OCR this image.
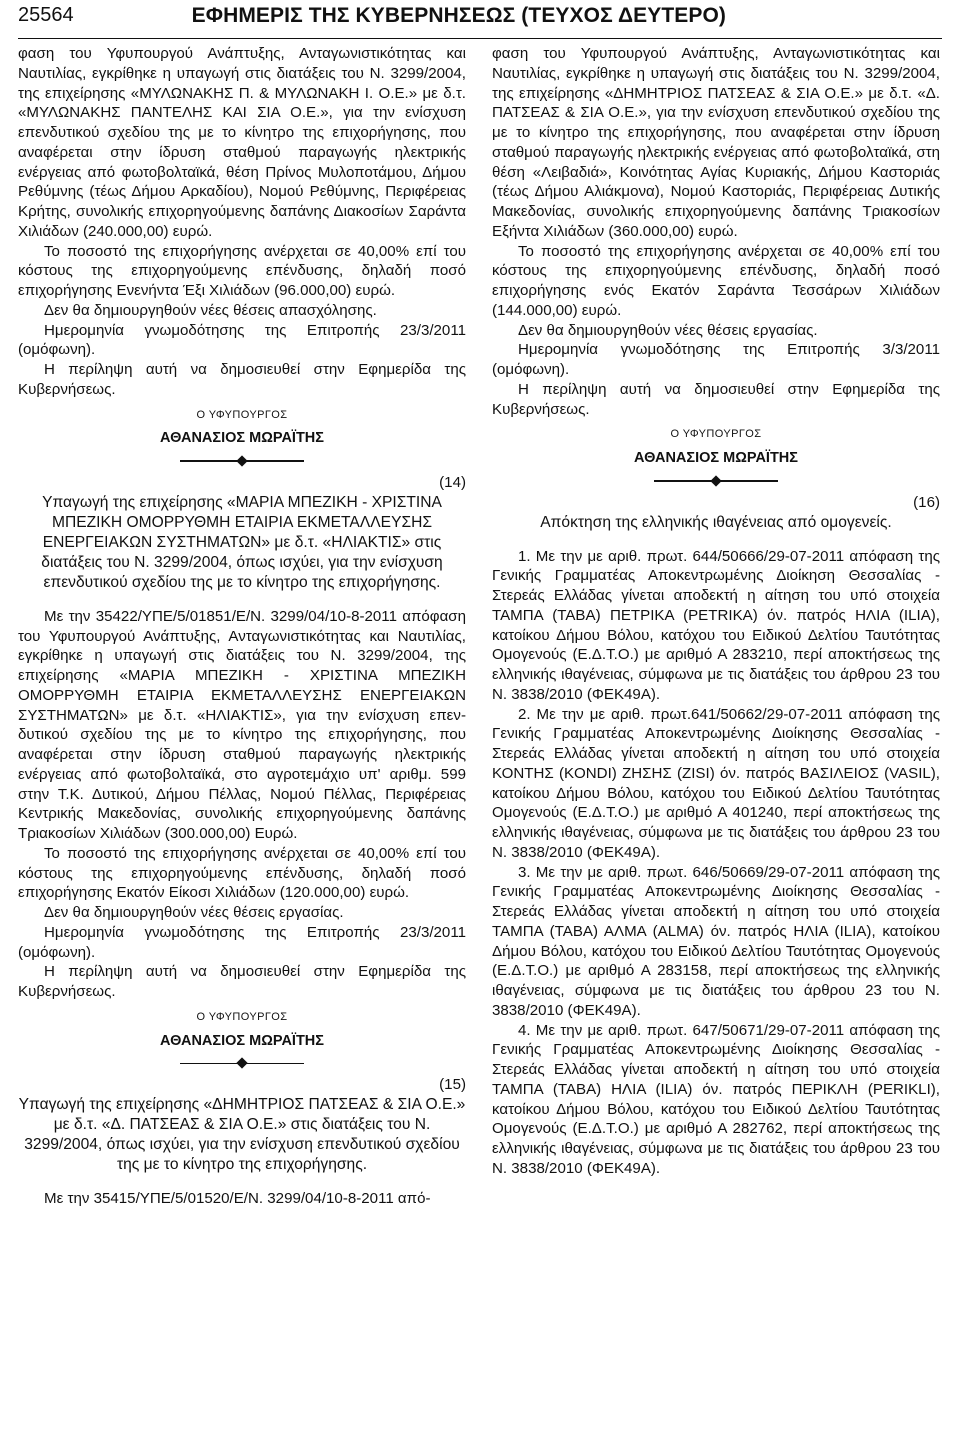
25564	ΕΦΗΜΕΡΙΣ ΤΗΣ ΚΥΒΕΡΝΗΣΕΩΣ (ΤΕΥΧΟΣ ΔΕΥΤΕΡΟ)

φαση του Υφυπουργού Ανάπτυξης, Ανταγωνιστικότητας και Ναυτιλίας, εγκρίθηκε η υπαγωγή στις διατάξεις του Ν. 3299/2004, της επιχείρησης «ΜΥΛΩΝΑΚΗΣ Π. & ΜΥΛΩΝΑΚΗ Ι. Ο.Ε.» με δ.τ. «ΜΥΛΩΝΑΚΗΣ ΠΑΝΤΕΛΗΣ ΚΑΙ ΣΙΑ Ο.Ε.», για την ενίσχυση επενδυτικού σχεδίου της με το κίνητρο της επιχορήγησης, που αναφέρεται στην ίδρυση σταθμού παραγωγής ηλεκτρικής ενέργειας από φωτοβολταϊκά, θέση Πρίνος Μυλοποτάμου, Δήμου Ρεθύμνης (τέως Δήμου Αρκαδίου), Νομού Ρεθύμνης, Περιφέρειας Κρήτης, συνολικής επιχορηγούμενης δαπάνης Διακοσίων Σαράντα Χιλιάδων (240.000,00) ευρώ.

Το ποσοστό της επιχορήγησης ανέρχεται σε 40,00% επί του κόστους της επιχορηγούμενης επένδυσης, δηλαδή ποσό επιχορήγησης Ενενήντα Έξι Χιλιάδων (96.000,00) ευρώ.

Δεν θα δημιουργηθούν νέες θέσεις απασχόλησης.

Ημερομηνία γνωμοδότησης της Επιτροπής 23/3/2011 (ομόφωνη).

Η περίληψη αυτή να δημοσιευθεί στην Εφημερίδα της Κυβερνήσεως.

Ο ΥΦΥΠΟΥΡΓΟΣ
ΑΘΑΝΑΣΙΟΣ ΜΩΡΑΪΤΗΣ

(14)

Υπαγωγή της επιχείρησης «ΜΑΡΙΑ ΜΠΕΖΙΚΗ - ΧΡΙΣΤΙΝΑ ΜΠΕΖΙΚΗ ΟΜΟΡΡΥΘΜΗ ΕΤΑΙΡΙΑ ΕΚΜΕΤΑΛΛΕΥΣΗΣ ΕΝΕΡΓΕΙΑΚΩΝ ΣΥΣΤΗΜΑΤΩΝ» με δ.τ. «ΗΛΙΑΚΤΙΣ» στις διατάξεις του Ν. 3299/2004, όπως ισχύει, για την ενίσχυση επενδυτικού σχεδίου της με το κίνητρο της επιχορήγησης.

Με την 35422/ΥΠΕ/5/01851/Ε/Ν. 3299/04/10-8-2011 απόφαση του Υφυπουργού Ανάπτυξης, Ανταγωνιστικότητας και Ναυτιλίας, εγκρίθηκε η υπαγωγή στις διατάξεις του Ν. 3299/2004, της επιχείρησης «ΜΑΡΙΑ ΜΠΕΖΙΚΗ - ΧΡΙΣΤΙΝΑ ΜΠΕΖΙΚΗ ΟΜΟΡΡΥΘΜΗ ΕΤΑΙΡΙΑ ΕΚΜΕΤΑΛΛΕΥΣΗΣ ΕΝΕΡΓΕΙΑΚΩΝ ΣΥΣΤΗΜΑΤΩΝ» με δ.τ. «ΗΛΙΑΚΤΙΣ», για την ενίσχυση επενδυτικού σχεδίου της με το κίνητρο της επιχορήγησης, που αναφέρεται στην ίδρυση σταθμού παραγωγής ηλεκτρικής ενέργειας από φωτοβολταϊκά, στο αγροτεμάχιο υπ' αριθμ. 599 στην Τ.Κ. Δυτικού, Δήμου Πέλλας, Νομού Πέλλας, Περιφέρειας Κεντρικής Μακεδονίας, συνολικής επιχορηγούμενης δαπάνης Τριακοσίων Χιλιάδων (300.000,00) Ευρώ.

Το ποσοστό της επιχορήγησης ανέρχεται σε 40,00% επί του κόστους της επιχορηγούμενης επένδυσης, δηλαδή ποσό επιχορήγησης Εκατόν Είκοσι Χιλιάδων (120.000,00) ευρώ.

Δεν θα δημιουργηθούν νέες θέσεις εργασίας.

Ημερομηνία γνωμοδότησης της Επιτροπής 23/3/2011 (ομόφωνη).

Η περίληψη αυτή να δημοσιευθεί στην Εφημερίδα της Κυβερνήσεως.

Ο ΥΦΥΠΟΥΡΓΟΣ
ΑΘΑΝΑΣΙΟΣ ΜΩΡΑΪΤΗΣ

(15)

Υπαγωγή της επιχείρησης «ΔΗΜΗΤΡΙΟΣ ΠΑΤΣΕΑΣ & ΣΙΑ Ο.Ε.» με δ.τ. «Δ. ΠΑΤΣΕΑΣ & ΣΙΑ Ο.Ε.» στις διατάξεις του Ν. 3299/2004, όπως ισχύει, για την ενίσχυση επενδυτικού σχεδίου της με το κίνητρο της επιχορήγησης.

Με την 35415/ΥΠΕ/5/01520/Ε/Ν. 3299/04/10-8-2011 από-

φαση του Υφυπουργού Ανάπτυξης, Ανταγωνιστικότητας και Ναυτιλίας, εγκρίθηκε η υπαγωγή στις διατάξεις του Ν. 3299/2004, της επιχείρησης «ΔΗΜΗΤΡΙΟΣ ΠΑΤΣΕΑΣ & ΣΙΑ Ο.Ε.» με δ.τ. «Δ. ΠΑΤΣΕΑΣ & ΣΙΑ Ο.Ε.», για την ενίσχυση επενδυτικού σχεδίου της με το κίνητρο της επιχορήγησης, που αναφέρεται στην ίδρυση σταθμού παραγωγής ηλεκτρικής ενέργειας από φωτοβολταϊκά, στη θέση «Λειβαδιά», Κοινότητας Αγίας Κυριακής, Δήμου Καστοριάς (τέως Δήμου Αλιάκμονα), Νομού Καστοριάς, Περιφέρειας Δυτικής Μακεδονίας, συνολικής επιχορηγούμενης δαπάνης Τριακοσίων Εξήντα Χιλιάδων (360.000,00) ευρώ.

Το ποσοστό της επιχορήγησης ανέρχεται σε 40,00% επί του κόστους της επιχορηγούμενης επένδυσης, δηλαδή ποσό επιχορήγησης ενός Εκατόν Σαράντα Τεσσάρων Χιλιάδων (144.000,00) ευρώ.

Δεν θα δημιουργηθούν νέες θέσεις εργασίας.

Ημερομηνία γνωμοδότησης της Επιτροπής 3/3/2011 (ομόφωνη).

Η περίληψη αυτή να δημοσιευθεί στην Εφημερίδα της Κυβερνήσεως.

Ο ΥΦΥΠΟΥΡΓΟΣ
ΑΘΑΝΑΣΙΟΣ ΜΩΡΑΪΤΗΣ

(16)

Απόκτηση της ελληνικής ιθαγένειας από ομογενείς.

1. Με την με αριθ. πρωτ. 644/50666/29-07-2011 απόφαση της Γενικής Γραμματέας Αποκεντρωμένης Διοίκηση Θεσσαλίας - Στερεάς Ελλάδας γίνεται αποδεκτή η αίτηση του υπό στοιχεία ΤΑΜΠΑ (ΤΑΒΑ) ΠΕΤΡΙΚΑ (PETRIKA) όν. πατρός ΗΛΙΑ (ILIA), κατοίκου Δήμου Βόλου, κατόχου του Ειδικού Δελτίου Ταυτότητας Ομογενούς (Ε.Δ.Τ.Ο.) με αριθμό Α 283210, περί αποκτήσεως της ελληνικής ιθαγένειας, σύμφωνα με τις διατάξεις του άρθρου 23 του Ν. 3838/2010 (ΦΕΚ49Α).

2. Με την με αριθ. πρωτ.641/50662/29-07-2011 απόφαση της Γενικής Γραμματέας Αποκεντρωμένης Διοίκησης Θεσσαλίας - Στερεάς Ελλάδας γίνεται αποδεκτή η αίτηση του υπό στοιχεία ΚΟΝΤΗΣ (KONDI) ΖΗΣΗΣ (ZISI) όν. πατρός ΒΑΣΙΛΕΙΟΣ (VASIL), κατοίκου Δήμου Βόλου, κατόχου του Ειδικού Δελτίου Ταυτότητας Ομογενούς (Ε.Δ.Τ.Ο.) με αριθμό Α 401240, περί αποκτήσεως της ελληνικής ιθαγένειας, σύμφωνα με τις διατάξεις του άρθρου 23 του Ν. 3838/2010 (ΦΕΚ49Α).

3. Με την με αριθ. πρωτ. 646/50669/29-07-2011 απόφαση της Γενικής Γραμματέας Αποκεντρωμένης Διοίκησης Θεσσαλίας - Στερεάς Ελλάδας γίνεται αποδεκτή η αίτηση του υπό στοιχεία ΤΑΜΠΑ (ΤΑΒΑ) ΑΛΜΑ (ALMA) όν. πατρός ΗΛΙΑ (ILIA), κατοίκου Δήμου Βόλου, κατόχου του Ειδικού Δελτίου Ταυτότητας Ομογενούς (Ε.Δ.Τ.Ο.) με αριθμό Α 283158, περί αποκτήσεως της ελληνικής ιθαγένειας, σύμφωνα με τις διατάξεις του άρθρου 23 του Ν. 3838/2010 (ΦΕΚ49Α).

4. Με την με αριθ. πρωτ. 647/50671/29-07-2011 απόφαση της Γενικής Γραμματέας Αποκεντρωμένης Διοίκησης Θεσσαλίας - Στερεάς Ελλάδας γίνεται αποδεκτή η αίτηση του υπό στοιχεία ΤΑΜΠΑ (ΤΑΒΑ) ΗΛΙΑ (ILIA) όν. πατρός ΠΕΡΙΚΛΗ (PERIKLI), κατοίκου Δήμου Βόλου, κατόχου του Ειδικού Δελτίου Ταυτότητας Ομογενούς (Ε.Δ.Τ.Ο.) με αριθμό Α 282762, περί αποκτήσεως της ελληνικής ιθαγένειας, σύμφωνα με τις διατάξεις του άρθρου 23 του Ν. 3838/2010 (ΦΕΚ49Α).
